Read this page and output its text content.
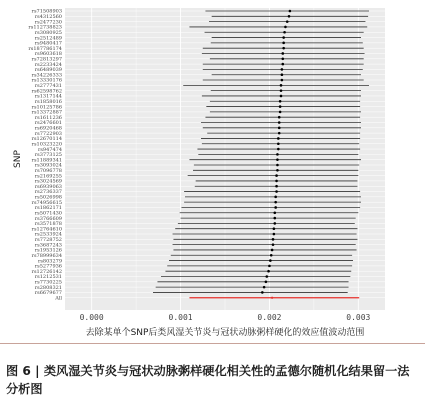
rs71508903
rs4312560
rs2477230
rs112738823
rs3080925
rs2512489
rs9480417
rs187786174
rs9603618
rs72813297
rs2233424
rs6489039
rs34226333
rs13330176
rs2777431
rs62598762
rs1317144
rs1858016
rs10125786
rs13372887
rs1611236
rs2476601
rs6920468
rs7722903
rs12670114
rs10323220
rs947474
rs3773125
rs11889341
rs3093024
rs7096778
rs2169255
rs3024569
rs6939063
rs2736337
rs5026998
rs74956615
rs1862171
rs5071430
rs3766609
rs3571878
rs12764610
rs2533924
rs7728752
rs3687243
rs1953126
rs78999634
rs803279
rs5277936
rs12726142
rs1212531
rs7730225
rs2808321
rs6679677
All
0.000	0.001	0.002	0.003
SNP
去除某单个SNP后类风湿关节炎与冠状动脉粥样硬化的效应值波动范围

图 6 | 类风湿关节炎与冠状动脉粥样硬化相关性的孟德尔随机化结果留一法分析图
